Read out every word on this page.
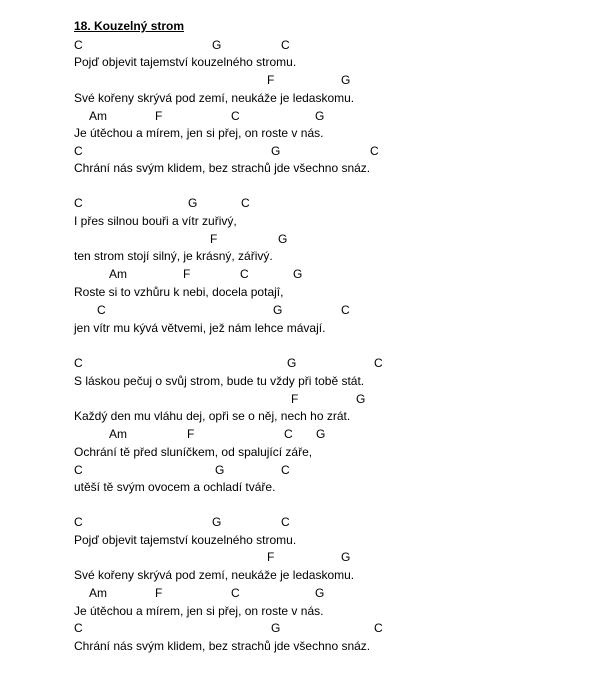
18. Kouzelný strom
C	G	C
Pojď objevit tajemství kouzelného stromu.
F	G
Své kořeny skrývá pod zemí, neukáže je ledaskomu.
Am	F	C	G
Je útěchou a mírem, jen si přej, on roste v nás.
C	G	C
Chrání nás svým klidem, bez strachů jde všechno snáz.
C	G	C
I přes silnou bouři a vítr zuřivý,
F	G
ten strom stojí silný, je krásný, zářivý.
Am	F	C	G
Roste si to vzhůru k nebi, docela potajî,
C	G	C
jen vítr mu kývá větvemi, jež nám lehce mávají.
C	G	C
S láskou pečuj o svůj strom, bude tu vždy při tobě stát.
F	G
Každý den mu vláhu dej, opři se o něj, nech ho zrát.
Am	F	C G
Ochrání tě před sluníčkem, od spalující záře,
C	G	C
utěší tě svým ovocem a ochladí tváře.
C	G	C
Pojď objevit tajemství kouzelného stromu.
F	G
Své kořeny skrývá pod zemí, neukáže je ledaskomu.
Am	F	C	G
Je útěchou a mírem, jen si přej, on roste v nás.
C	G	C
Chrání nás svým klidem, bez strachů jde všechno snáz.
